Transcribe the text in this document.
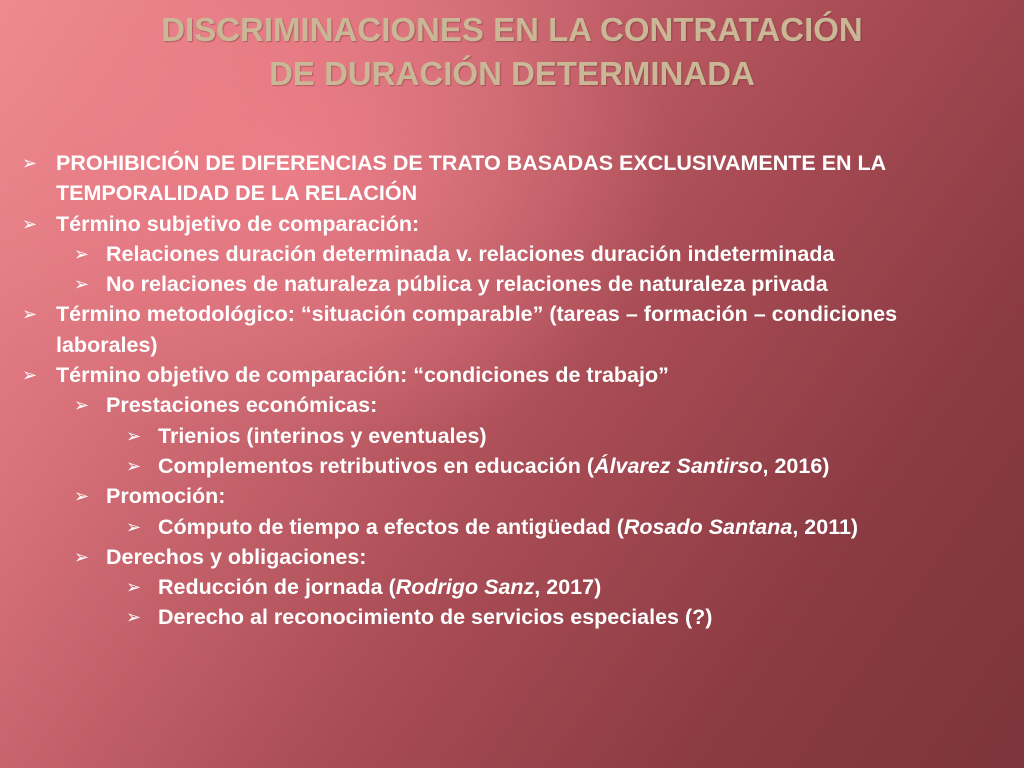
DISCRIMINACIONES EN LA CONTRATACIÓN
DE DURACIÓN DETERMINADA
➢ PROHIBICIÓN DE DIFERENCIAS DE TRATO BASADAS EXCLUSIVAMENTE EN LA TEMPORALIDAD DE LA RELACIÓN
➢ Término subjetivo de comparación:
➢ Relaciones duración determinada v. relaciones duración indeterminada
➢ No relaciones de naturaleza pública y relaciones de naturaleza privada
➢ Término metodológico: “situación comparable” (tareas – formación – condiciones laborales)
➢ Término objetivo de comparación: “condiciones de trabajo”
➢ Prestaciones económicas:
➢ Trienios (interinos y eventuales)
➢ Complementos retributivos en educación (Álvarez Santirso, 2016)
➢ Promoción:
➢ Cómputo de tiempo a efectos de antigüedad (Rosado Santana, 2011)
➢ Derechos y obligaciones:
➢ Reducción de jornada (Rodrigo Sanz, 2017)
➢ Derecho al reconocimiento de servicios especiales (?)
